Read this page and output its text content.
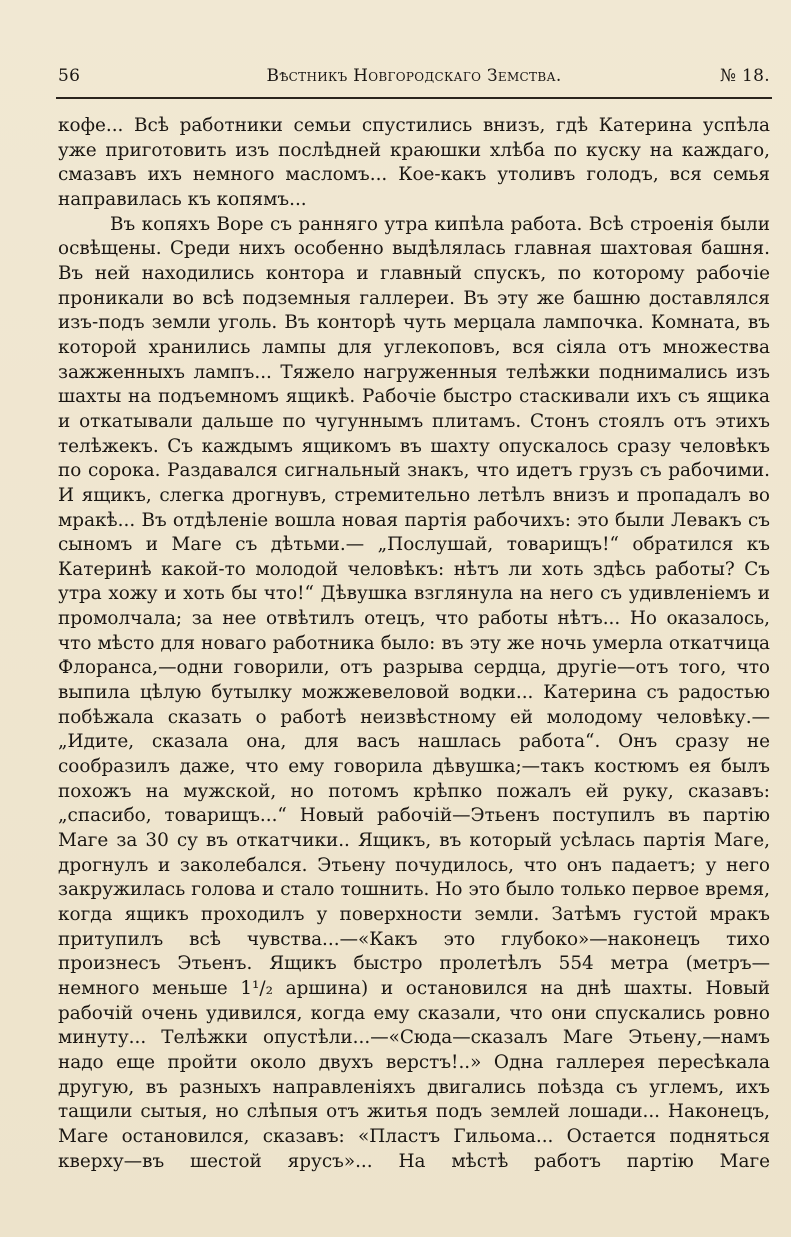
56	Вѣстникъ Новгородскаго Земства.	№ 18.

кофе... Всѣ работники семьи спустились внизъ, гдѣ Катерина успѣла уже приготовить изъ послѣдней краюшки хлѣба по куску на каждаго, смазавъ ихъ немного масломъ... Кое-какъ утоливъ голодъ, вся семья направилась къ копямъ...

Въ копяхъ Воре съ ранняго утра кипѣла работа. Всѣ строенія были освѣщены. Среди нихъ особенно выдѣлялась главная шахтовая башня. Въ ней находились контора и главный спускъ, по которому рабочіе проникали во всѣ подземныя галлереи. Въ эту же башню доставлялся изъ-подъ земли уголь. Въ конторѣ чуть мерцала лампочка. Комната, въ которой хранились лампы для углекоповъ, вся сіяла отъ множества зажженныхъ лампъ... Тяжело нагруженныя телѣжки поднимались изъ шахты на подъемномъ ящикѣ. Рабочіе быстро стаскивали ихъ съ ящика и откатывали дальше по чугуннымъ плитамъ. Стонъ стоялъ отъ этихъ телѣжекъ. Съ каждымъ ящикомъ въ шахту опускалось сразу человѣкъ по сорока. Раздавался сигнальный знакъ, что идетъ грузъ съ рабочими. И ящикъ, слегка дрогнувъ, стремительно летѣлъ внизъ и пропадалъ во мракѣ... Въ отдѣленіе вошла новая партія рабочихъ: это были Левакъ съ сыномъ и Маге съ дѣтьми.— „Послушай, товарищъ!“ обратился къ Катеринѣ какой-то молодой человѣкъ: нѣтъ ли хоть здѣсь работы? Съ утра хожу и хоть бы что!“ Дѣвушка взглянула на него съ удивленіемъ и промолчала; за нее отвѣтилъ отецъ, что работы нѣтъ... Но оказалось, что мѣсто для новаго работника было: въ эту же ночь умерла откатчица Флоранса,—одни говорили, отъ разрыва сердца, другіе—отъ того, что выпила цѣлую бутылку можжевеловой водки... Катерина съ радостью побѣжала сказать о работѣ неизвѣстному ей молодому человѣку.— „Идите, сказала она, для васъ нашлась работа“. Онъ сразу не сообразилъ даже, что ему говорила дѣвушка;—такъ костюмъ ея былъ похожъ на мужской, но потомъ крѣпко пожалъ ей руку, сказавъ: „спасибо, товарищъ...“ Новый рабочій—Этьенъ поступилъ въ партію Маге за 30 су въ откатчики.. Ящикъ, въ который усѣлась партія Маге, дрогнулъ и заколебался. Этьену почудилось, что онъ падаетъ; у него закружилась голова и стало тошнить. Но это было только первое время, когда ящикъ проходилъ у поверхности земли. Затѣмъ густой мракъ притупилъ всѣ чувства...—«Какъ это глубоко»—наконецъ тихо произнесъ Этьенъ. Ящикъ быстро пролетѣлъ 554 метра (метръ—немного меньше 1¹/₂ аршина) и остановился на днѣ шахты. Новый рабочій очень удивился, когда ему сказали, что они спускались ровно минуту... Телѣжки опустѣли...—«Сюда—сказалъ Маге Этьену,—намъ надо еще пройти около двухъ верстъ!..» Одна галлерея пересѣкала другую, въ разныхъ направленіяхъ двигались поѣзда съ углемъ, ихъ тащили сытыя, но слѣпыя отъ житья подъ землей лошади... Наконецъ, Маге остановился, сказавъ: «Пластъ Гильома... Остается подняться кверху—въ шестой ярусъ»... На мѣстѣ работъ партію Маге
